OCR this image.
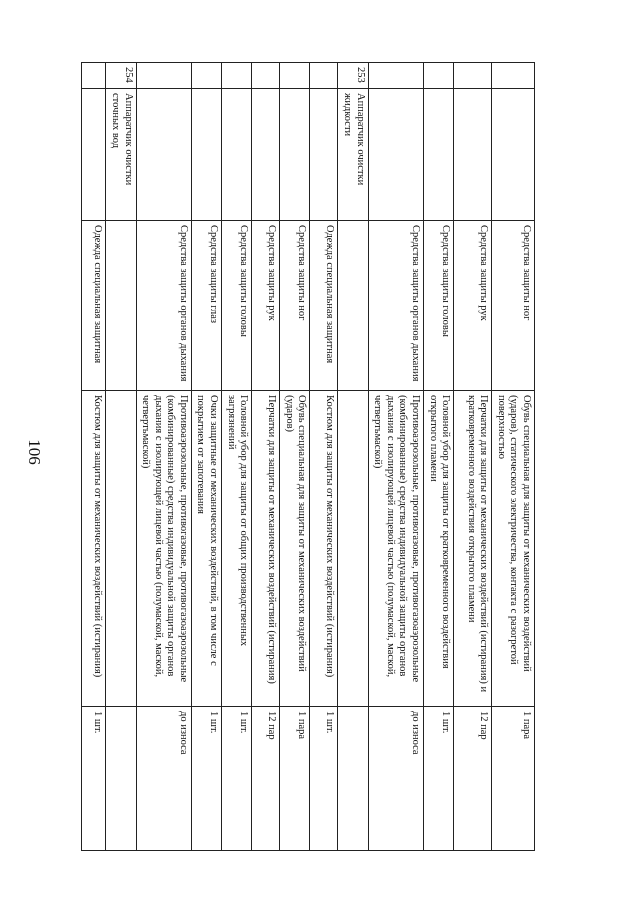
106
		Средства защиты ног	Обувь специальная для защиты от механических воздействий (ударов), статического электричества, контакта с разогретой поверхностью	1 пара
		Средства защиты рук	Перчатки для защиты от механических воздействий (истирания) и кратковременного воздействия открытого пламени	12 пар
		Средства защиты головы	Головной убор для защиты от кратковременного воздействия открытого пламени	1 шт.
		Средства защиты органов дыхания	Противоаэрозольные, противогазовые, противогазоаэрозольные (комбинированные) средства индивидуальной защиты органов дыхания с изолирующей лицевой частью (полумаской, маской, четвертьмаской)	до износа
253	Аппаратчик очистки жидкости			
		Одежда специальная защитная	Костюм для защиты от механических воздействий (истирания)	1 шт.
		Средства защиты ног	Обувь специальная для защиты от механических воздействий (ударов)	1 пара
		Средства защиты рук	Перчатки для защиты от механических воздействий (истирания)	12 пар
		Средства защиты головы	Головной убор для защиты от общих производственных загрязнений	1 шт.
		Средства защиты глаз	Очки защитные от механических воздействий, в том числе с покрытием от запотевания	1 шт.
		Средства защиты органов дыхания	Противоаэрозольные, противогазовые, противогазоаэрозольные (комбинированные) средства индивидуальной защиты органов дыхания с изолирующей лицевой частью (полумаской, маской, четвертьмаской)	до износа
254	Аппаратчик очистки сточных вод			
		Одежда специальная защитная	Костюм для защиты от механических воздействий (истирания)	1 шт.
